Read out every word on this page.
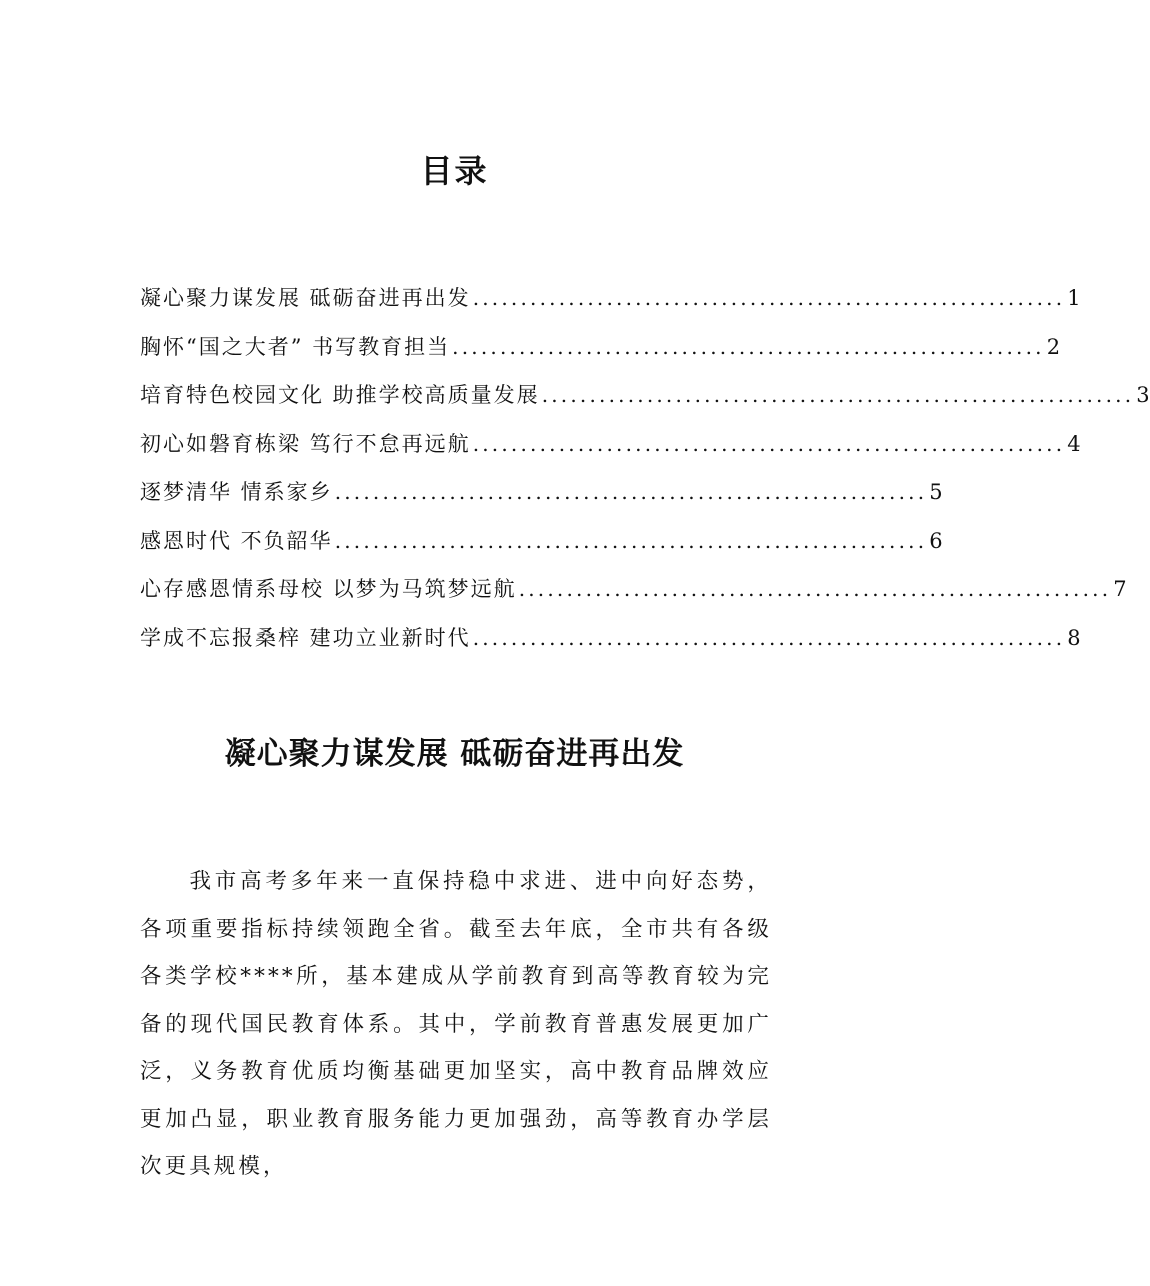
目录
凝心聚力谋发展 砥砺奋进再出发 .............................................................. 1
胸怀“国之大者” 书写教育担当 .............................................................. 2
培育特色校园文化 助推学校高质量发展 .............................................................. 3
初心如磐育栋梁 笃行不怠再远航 .............................................................. 4
逐梦清华 情系家乡 .............................................................. 5
感恩时代 不负韶华 .............................................................. 6
心存感恩情系母校 以梦为马筑梦远航 .............................................................. 7
学成不忘报桑梓 建功立业新时代 .............................................................. 8
凝心聚力谋发展 砥砺奋进再出发
我市高考多年来一直保持稳中求进、进中向好态势，各项重要指标持续领跑全省。截至去年底，全市共有各级各类学校****所，基本建成从学前教育到高等教育较为完备的现代国民教育体系。其中，学前教育普惠发展更加广泛，义务教育优质均衡基础更加坚实，高中教育品牌效应更加凸显，职业教育服务能力更加强劲，高等教育办学层次更具规模，
